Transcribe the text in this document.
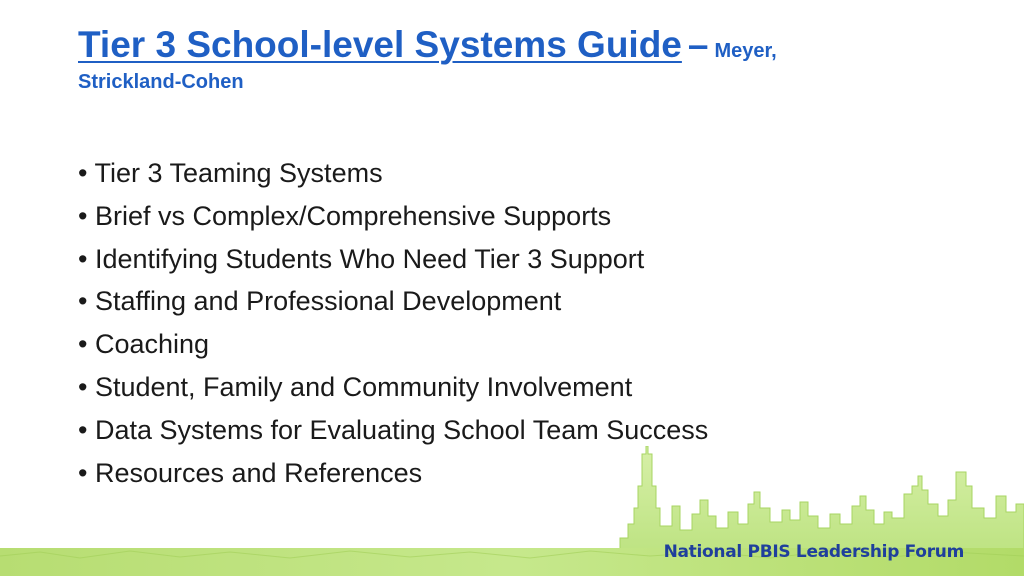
Tier 3 School-level Systems Guide – Meyer,
Strickland-Cohen
• Tier 3 Teaming Systems
• Brief vs Complex/Comprehensive Supports
• Identifying Students Who Need Tier 3 Support
• Staffing and Professional Development
• Coaching
• Student, Family and Community Involvement
• Data Systems for Evaluating School Team Success
• Resources and References
National PBIS Leadership Forum
